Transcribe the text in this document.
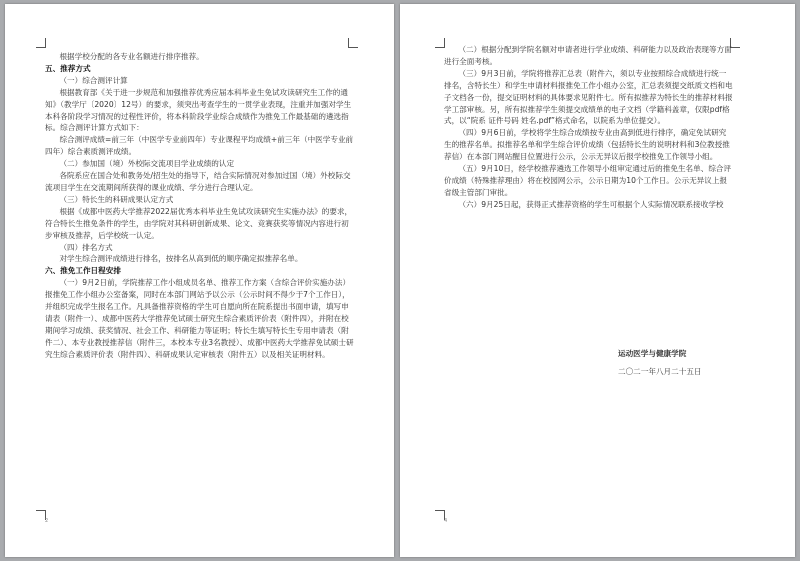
根据学校分配的各专业名额进行排序推荐。

五、推荐方式

（一）综合测评计算

根据教育部《关于进一步规范和加强推荐优秀应届本科毕业生免试攻读研究生工作的通知》（教学厅〔2020〕12号）的要求，须突出考查学生的一贯学业表现，注重并加强对学生本科各阶段学习情况的过程性评价，将本科阶段学业综合成绩作为推免工作最基础的遴选指标。综合测评计算方式如下：

综合测评成绩=前三年（中医学专业前四年）专业课程平均成绩+前三年（中医学专业前四年）综合素质测评成绩。

（二）参加国（境）外校际交流项目学业成绩的认定

各院系应在国合处和教务处/招生处的指导下，结合实际情况对参加过国（境）外校际交流项目学生在交流期间所获得的课业成绩、学分进行合理认定。

（三）特长生的科研成果认定方式

根据《成都中医药大学推荐2022届优秀本科毕业生免试攻读研究生实施办法》的要求，符合特长生推免条件的学生，由学院对其科研创新成果、论文、竞赛获奖等情况内容进行初步审核及推荐，后学校统一认定。

（四）排名方式

对学生综合测评成绩进行排名，按排名从高到低的顺序确定拟推荐名单。

六、推免工作日程安排

（一）9月2日前，学院推荐工作小组成员名单、推荐工作方案（含综合评价实施办法）报推免工作小组办公室备案，同时在本部门网站予以公示（公示时间不得少于7个工作日），并组织完成学生报名工作。凡具备推荐资格的学生可自愿向所在院系提出书面申请，填写申请表（附件一）、成都中医药大学推荐免试硕士研究生综合素质评价表（附件四），并附在校期间学习成绩、获奖情况、社会工作、科研能力等证明；特长生填写特长生专用申请表（附件二）、本专业教授推荐信（附件三，本校本专业3名教授）、成都中医药大学推荐免试硕士研究生综合素质评价表（附件四）、科研成果认定审核表（附件五）以及相关证明材料。

2

（二）根据分配到学院名额对申请者进行学业成绩、科研能力以及政治表现等方面进行全面考核。

（三）9月3日前，学院将推荐汇总表（附件六，须以专业按照综合成绩进行统一排名，含特长生）和学生申请材料报推免工作小组办公室，汇总表须提交纸质文档和电子文档各一份，提交证明材料的具体要求见附件七。所有拟推荐为特长生的推荐材料报学工部审核。另，所有拟推荐学生须提交成绩单的电子文档（学籍科盖章，仅限pdf格式，以“院系 证件号码 姓名.pdf”格式命名，以院系为单位提交）。

（四）9月6日前，学校将学生综合成绩按专业由高到低进行排序，确定免试研究生的推荐名单。拟推荐名单和学生综合评价成绩（包括特长生的说明材料和3位教授推荐信）在本部门网站醒目位置进行公示，公示无异议后报学校推免工作领导小组。

（五）9月10日，经学校推荐遴选工作领导小组审定通过后的推免生名单、综合评价成绩（特殊推荐理由）将在校园网公示，公示日期为10个工作日。公示无异议上报省级主管部门审批。

（六）9月25日起，获得正式推荐资格的学生可根据个人实际情况联系接收学校

运动医学与健康学院

二〇二一年八月二十五日

4
